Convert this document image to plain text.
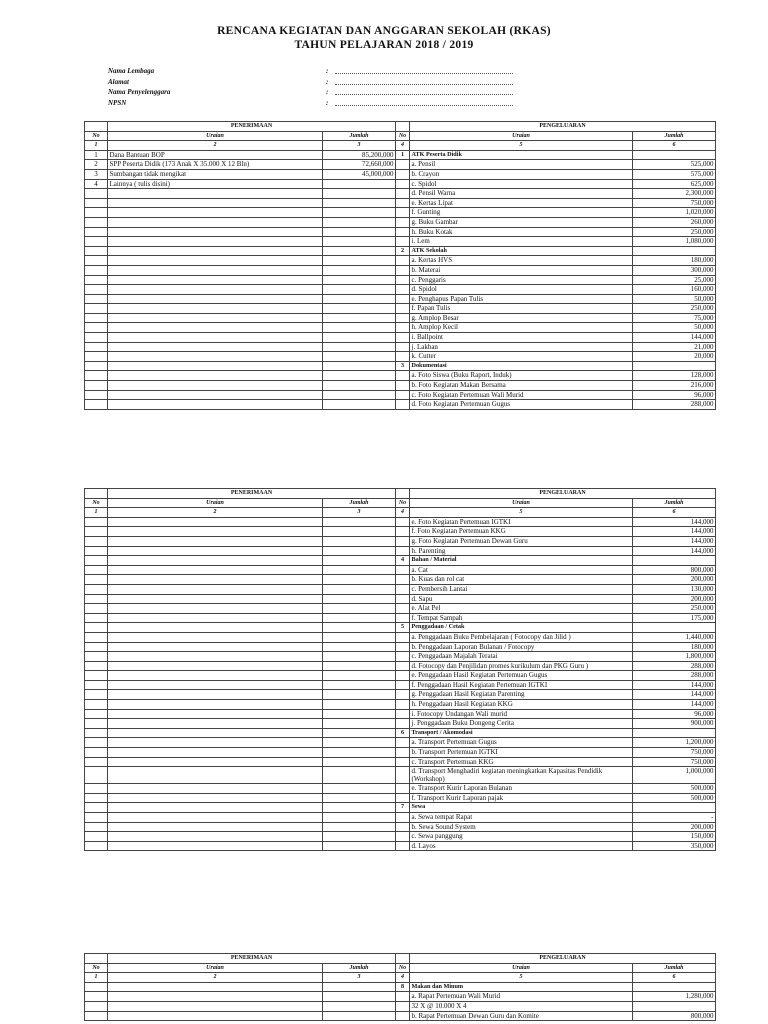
RENCANA KEGIATAN DAN ANGGARAN SEKOLAH (RKAS)
TAHUN PELAJARAN 2018 / 2019
Nama Lembaga	:
Alamat	:
Nama Penyelenggara	:
NPSN	:
	PENERIMAAN			PENGELUARAN	
No	Uraian	Jumlah	No	Uraian	Jumlah
1	2	3	4	5	6
1	Dana Bantuan BOP	85,200,000	1	ATK Peserta Didik	
2	SPP Peserta Didik (173 Anak X 35.000 X 12 Bln)	72,660,000		a. Pensil	525,000
3	Sumbangan tidak mengikat	45,000,000		b. Crayon	575,000
4	Lainnya ( tulis disini)			c. Spidol	625,000
				d. Pensil Warna	2,300,000
				e. Kertas Lipat	750,000
				f. Gunting	1,020,000
				g. Buku Gambar	260,000
				h. Buku Kotak	250,000
				i. Lem	1,080,000
			2	ATK Sekolah	
				a. Kertas HVS	180,000
				b. Materai	300,000
				c. Penggaris	25,000
				d. Spidol	160,000
				e. Penghapus Papan Tulis	50,000
				f. Papan Tulis	250,000
				g. Amplop Besar	75,000
				h. Amplop Kecil	50,000
				i. Ballpoint	144,000
				j. Lakban	21,000
				k. Cutter	20,000
			3	Dokumentasi	
				a. Foto Siswa (Buku Raport, Induk)	128,000
				b. Foto Kegiatan Makan Bersama	216,000
				c. Foto Kegiatan Pertemuan Wali Murid	96,000
				d. Foto Kegiatan Pertemuan Gugus	288,000
	PENERIMAAN			PENGELUARAN	
No	Uraian	Jumlah	No	Uraian	Jumlah
1	2	3	4	5	6
				e. Foto Kegiatan Pertemuan IGTKI	144,000
				f. Foto Kegiatan Pertemuan KKG	144,000
				g. Foto Kegiatan Pertemuan Dewan Guru	144,000
				h. Parenting	144,000
			4	Bahan / Material	
				a. Cat	800,000
				b. Kuas dan rol cat	200,000
				c. Pembersih Lantai	130,000
				d. Sapu	200,000
				e. Alat Pel	250,000
				f. Tempat Sampah	175,000
			5	Penggadaan / Cetak	
				a. Penggadaan Buku Pembelajaran ( Fotocopy dan Jilid )	1,440,000
				b. Penggadaan Laporan Bulanan / Fotocopy	180,000
				c. Penggadaan Majalah Teratai	1,800,000
				d. Fotocopy dan Penjilidan promes kurikulum dan PKG Guru )	288,000
				e. Penggadaan Hasil Kegiatan Pertemuan Gugus	288,000
				f. Penggadaan Hasil Kegiatan Pertemuan IGTKI	144,000
				g. Penggadaan Hasil Kegiatan Parenting	144,000
				h. Penggadaan Hasil Kegiatan KKG	144,000
				i. Fotocopy Undangan Wali murid	96,000
				j. Penggadaan Buku Dongeng Cerita	900,000
			6	Transport / Akomodasi	
				a. Transport Pertemuan Gugus	1,200,000
				b. Transport Pertemuan IGTKI	750,000
				c. Transport Pertemuan KKG	750,000
				d. Transport Menghadiri kegiatan meningkatkan Kapasitas Pendidik (Workshop)	1,000,000
				e. Transport Kurir Laporan Bulanan	500,000
				f. Transport Kurir Laporan pajak	500,000
			7	Sewa	
				a. Sewa tempat Rapat	-
				b. Sewa Sound System	200,000
				c. Sewa panggung	150,000
				d. Layos	350,000
	PENERIMAAN			PENGELUARAN	
No	Uraian	Jumlah	No	Uraian	Jumlah
1	2	3	4	5	6
			8	Makan dan Minum	
				a. Rapat Pertemuan Wali Murid	1,280,000
				32 X @ 10.000 X 4	
				b. Rapat Pertemuan Dewan Guru dan Komite	800,000
